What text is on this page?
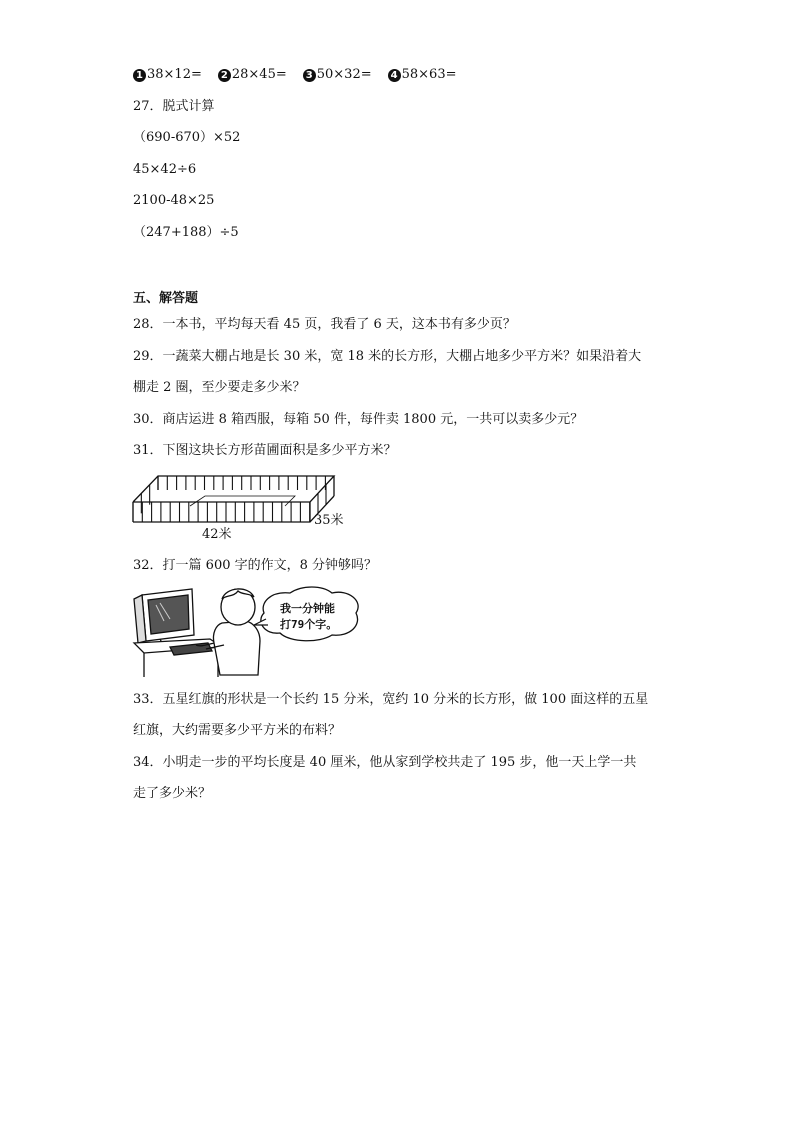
1 38×12=	2 28×45=	3 50×32=	4 58×63=
27．脱式计算
（690-670）×52
45×42÷6
2100-48×25
（247+188）÷5
五、解答题
28．一本书，平均每天看 45 页，我看了 6 天，这本书有多少页？
29．一蔬菜大棚占地是长 30 米，宽 18 米的长方形，大棚占地多少平方米？如果沿着大
棚走 2 圈，至少要走多少米？
30．商店运进 8 箱西服，每箱 50 件，每件卖 1800 元，一共可以卖多少元？
31．下图这块长方形苗圃面积是多少平方米？
42米
35米
32．打一篇 600 字的作文，8 分钟够吗？
我一分钟能
打79个字。
33．五星红旗的形状是一个长约 15 分米，宽约 10 分米的长方形，做 100 面这样的五星
红旗，大约需要多少平方米的布料？
34．小明走一步的平均长度是 40 厘米，他从家到学校共走了 195 步，他一天上学一共
走了多少米？
